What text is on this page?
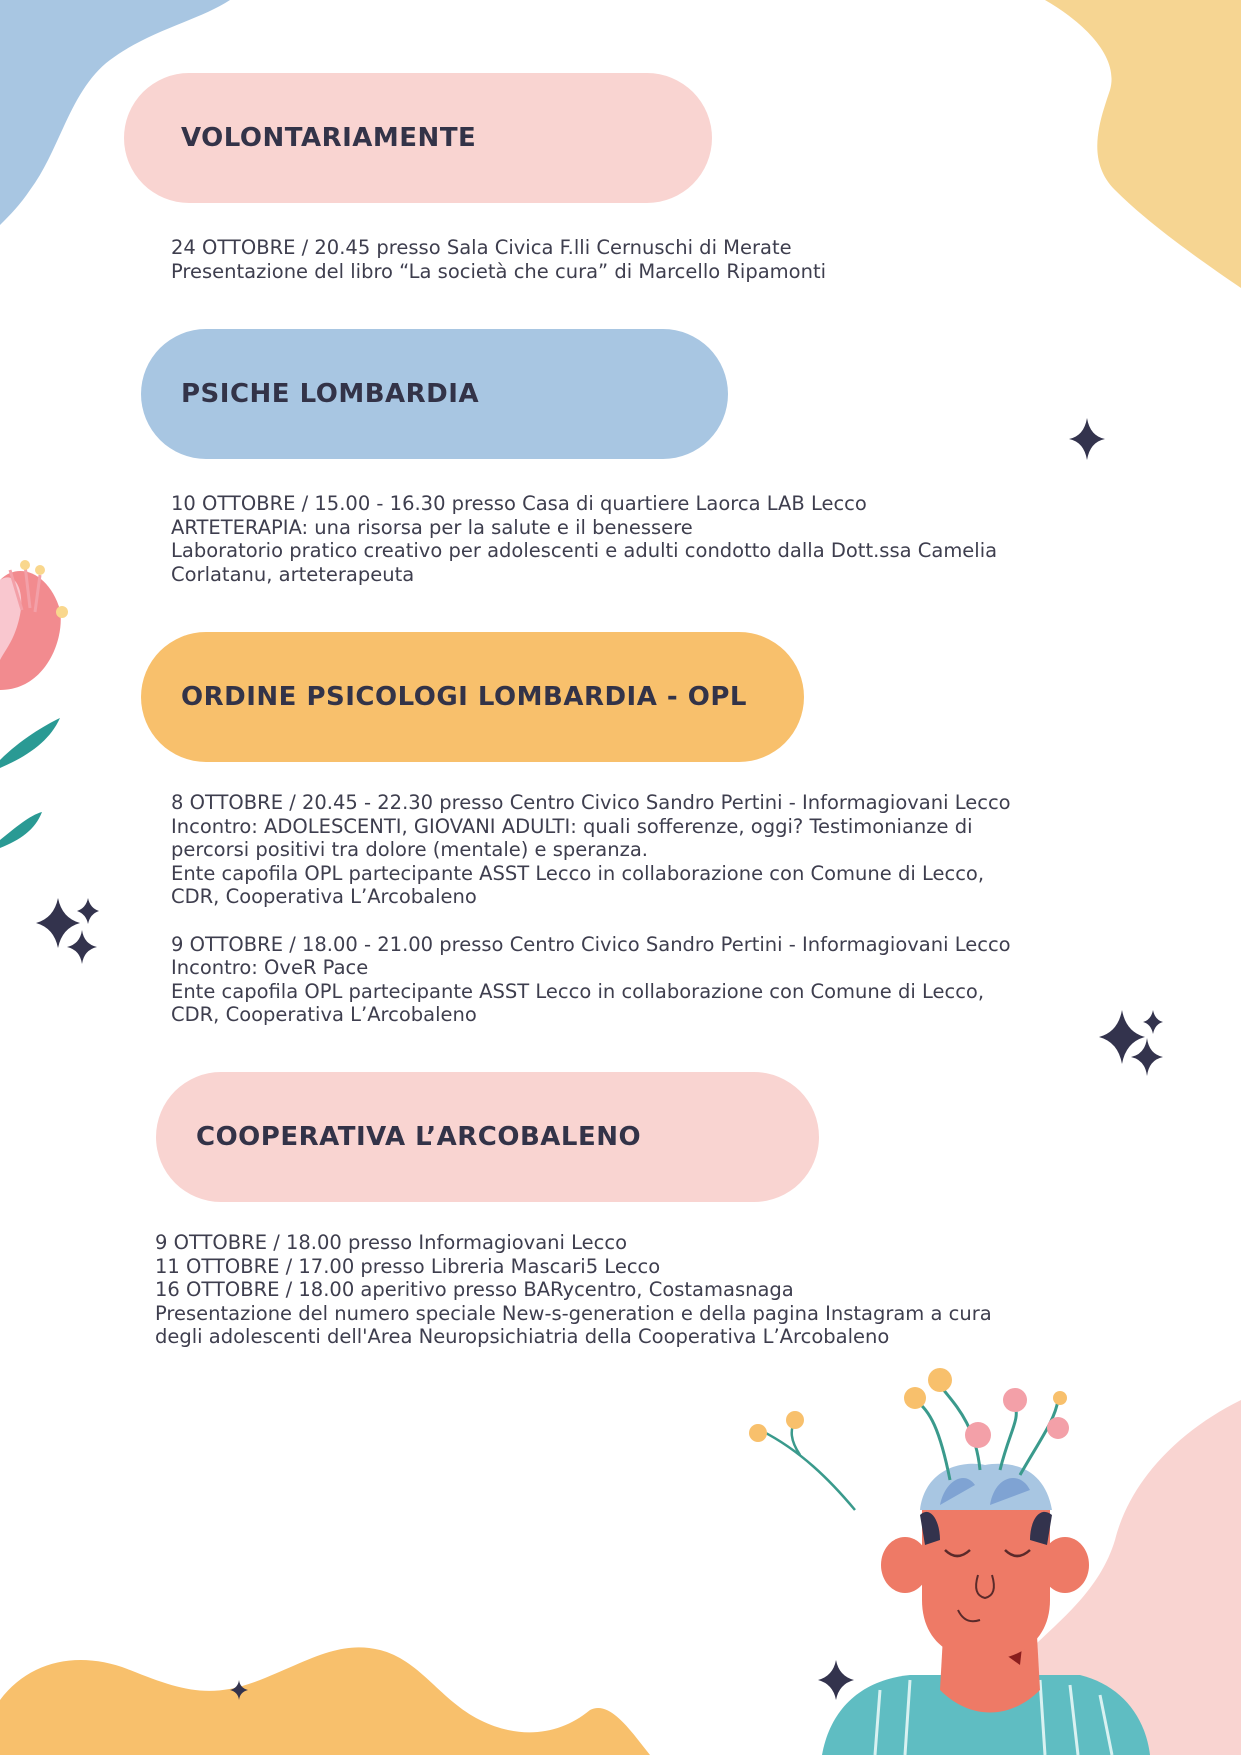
VOLONTARIAMENTE
24 OTTOBRE / 20.45 presso Sala Civica F.lli Cernuschi di Merate
Presentazione del libro “La società che cura” di Marcello Ripamonti
PSICHE LOMBARDIA
10 OTTOBRE / 15.00 - 16.30 presso Casa di quartiere Laorca LAB Lecco
ARTETERAPIA: una risorsa per la salute e il benessere
Laboratorio pratico creativo per adolescenti e adulti condotto dalla Dott.ssa Camelia
Corlatanu, arteterapeuta
ORDINE PSICOLOGI LOMBARDIA - OPL
8 OTTOBRE / 20.45 - 22.30 presso Centro Civico Sandro Pertini - Informagiovani Lecco
Incontro: ADOLESCENTI, GIOVANI ADULTI: quali sofferenze, oggi? Testimonianze di
percorsi positivi tra dolore (mentale) e speranza.
Ente capofila OPL partecipante ASST Lecco in collaborazione con Comune di Lecco,
CDR, Cooperativa L’Arcobaleno
9 OTTOBRE / 18.00 - 21.00 presso Centro Civico Sandro Pertini - Informagiovani Lecco
Incontro: OveR Pace
Ente capofila OPL partecipante ASST Lecco in collaborazione con Comune di Lecco,
CDR, Cooperativa L’Arcobaleno
COOPERATIVA L’ARCOBALENO
9 OTTOBRE / 18.00 presso Informagiovani Lecco
11 OTTOBRE / 17.00 presso Libreria Mascari5 Lecco
16 OTTOBRE / 18.00 aperitivo presso BARycentro, Costamasnaga
Presentazione del numero speciale New-s-generation e della pagina Instagram a cura
degli adolescenti dell'Area Neuropsichiatria della Cooperativa L’Arcobaleno
